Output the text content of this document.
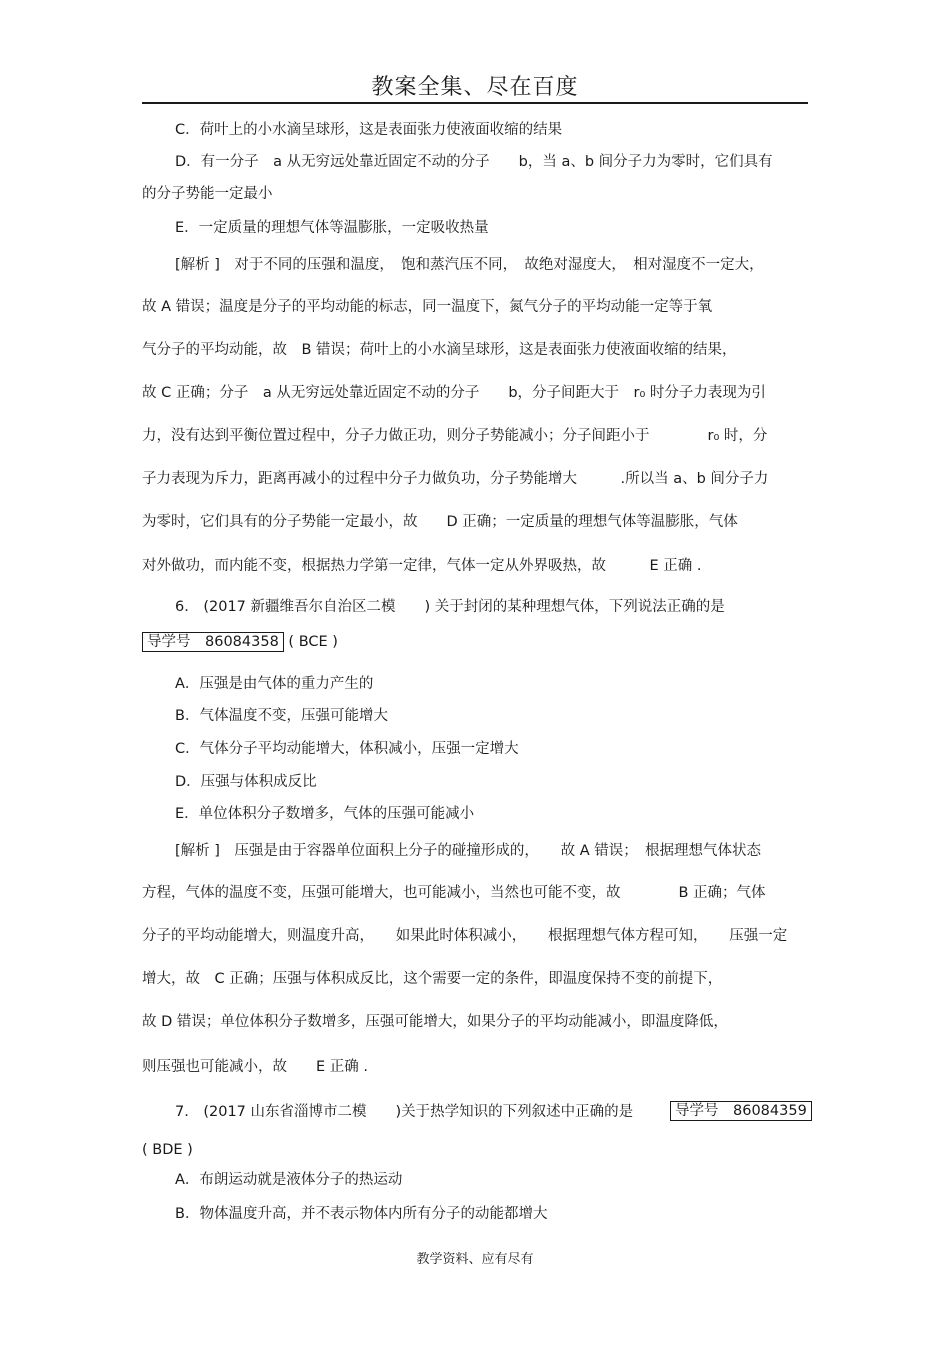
教案全集、尽在百度

C．荷叶上的小水滴呈球形，这是表面张力使液面收缩的结果

D．有一分子　a 从无穷远处靠近固定不动的分子　　b，当 a、b 间分子力为零时，它们具有

的分子势能一定最小

E．一定质量的理想气体等温膨胀，一定吸收热量

[解析 ]　对于不同的压强和温度，　饱和蒸汽压不同，　故绝对湿度大，　相对湿度不一定大，

故 A 错误；温度是分子的平均动能的标志，同一温度下，氮气分子的平均动能一定等于氧

气分子的平均动能，故　B 错误；荷叶上的小水滴呈球形，这是表面张力使液面收缩的结果，

故 C 正确；分子　a 从无穷远处靠近固定不动的分子　　b，分子间距大于　r₀ 时分子力表现为引

力，没有达到平衡位置过程中，分子力做正功，则分子势能减小；分子间距小于　　　　r₀ 时，分

子力表现为斥力，距离再减小的过程中分子力做负功，分子势能增大　　　.所以当 a、b 间分子力

为零时，它们具有的分子势能一定最小，故　　D 正确；一定质量的理想气体等温膨胀，气体

对外做功，而内能不变，根据热力学第一定律，气体一定从外界吸热，故　　　E 正确 .

6.　(2017 新疆维吾尔自治区二模　　) 关于封闭的某种理想气体，下列说法正确的是

导学号　86084358 ( BCE )

A．压强是由气体的重力产生的

B．气体温度不变，压强可能增大

C．气体分子平均动能增大，体积减小，压强一定增大

D．压强与体积成反比

E．单位体积分子数增多，气体的压强可能减小

[解析 ]　压强是由于容器单位面积上分子的碰撞形成的，　　故 A 错误；　根据理想气体状态

方程，气体的温度不变，压强可能增大，也可能减小，当然也可能不变，故　　　　B 正确；气体

分子的平均动能增大，则温度升高，　　如果此时体积减小，　　根据理想气体方程可知，　　压强一定

增大，故　C 正确；压强与体积成反比，这个需要一定的条件，即温度保持不变的前提下，

故 D 错误；单位体积分子数增多，压强可能增大，如果分子的平均动能减小，即温度降低，

则压强也可能减小，故　　E 正确 .

7.　(2017 山东省淄博市二模　　)关于热学知识的下列叙述中正确的是	导学号　86084359

( BDE )

A．布朗运动就是液体分子的热运动

B．物体温度升高，并不表示物体内所有分子的动能都增大

教学资料、应有尽有
